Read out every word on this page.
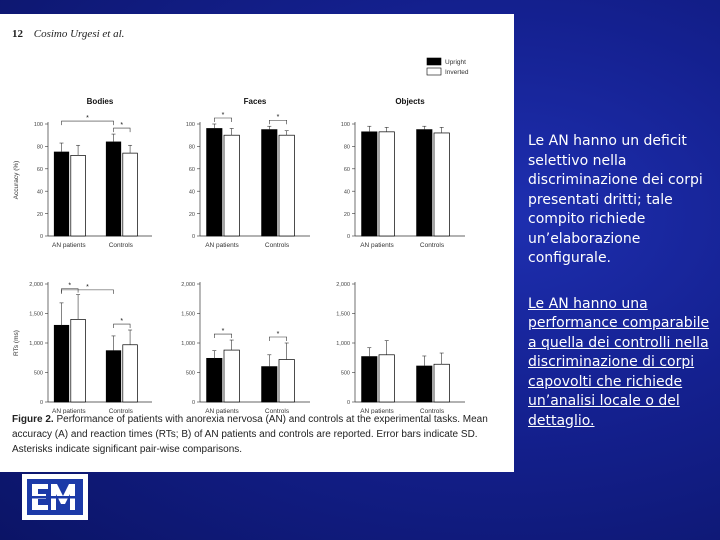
12 Cosimo Urgesi et al.
Upright
Inverted
Bodies
Accuracy (%)
0
20
40
60
80
100
AN patients	Controls
*
*
Faces
0
20
40
60
80
100
AN patients	Controls
*	*
Objects
0
20
40
60
80
100
AN patients	Controls
RTs (ms)
0
500
1,000
1,500
2,000
AN patients	Controls
* *
*
0
500
1,000
1,500
2,000
AN patients	Controls
*	*
0
500
1,000
1,500
2,000
AN patients	Controls
Figure 2. Performance of patients with anorexia nervosa (AN) and controls at the experimental tasks. Mean accuracy (A) and reaction times (RTs; B) of AN patients and controls are reported. Error bars indicate SD. Asterisks indicate significant pair-wise comparisons.

Le AN hanno un deficit selettivo nella discriminazione dei corpi presentati dritti; tale compito richiede un’elaborazione configurale.

Le AN hanno una performance comparabile a quella dei controlli nella discriminazione di corpi capovolti che richiede un’analisi locale o del dettaglio.
